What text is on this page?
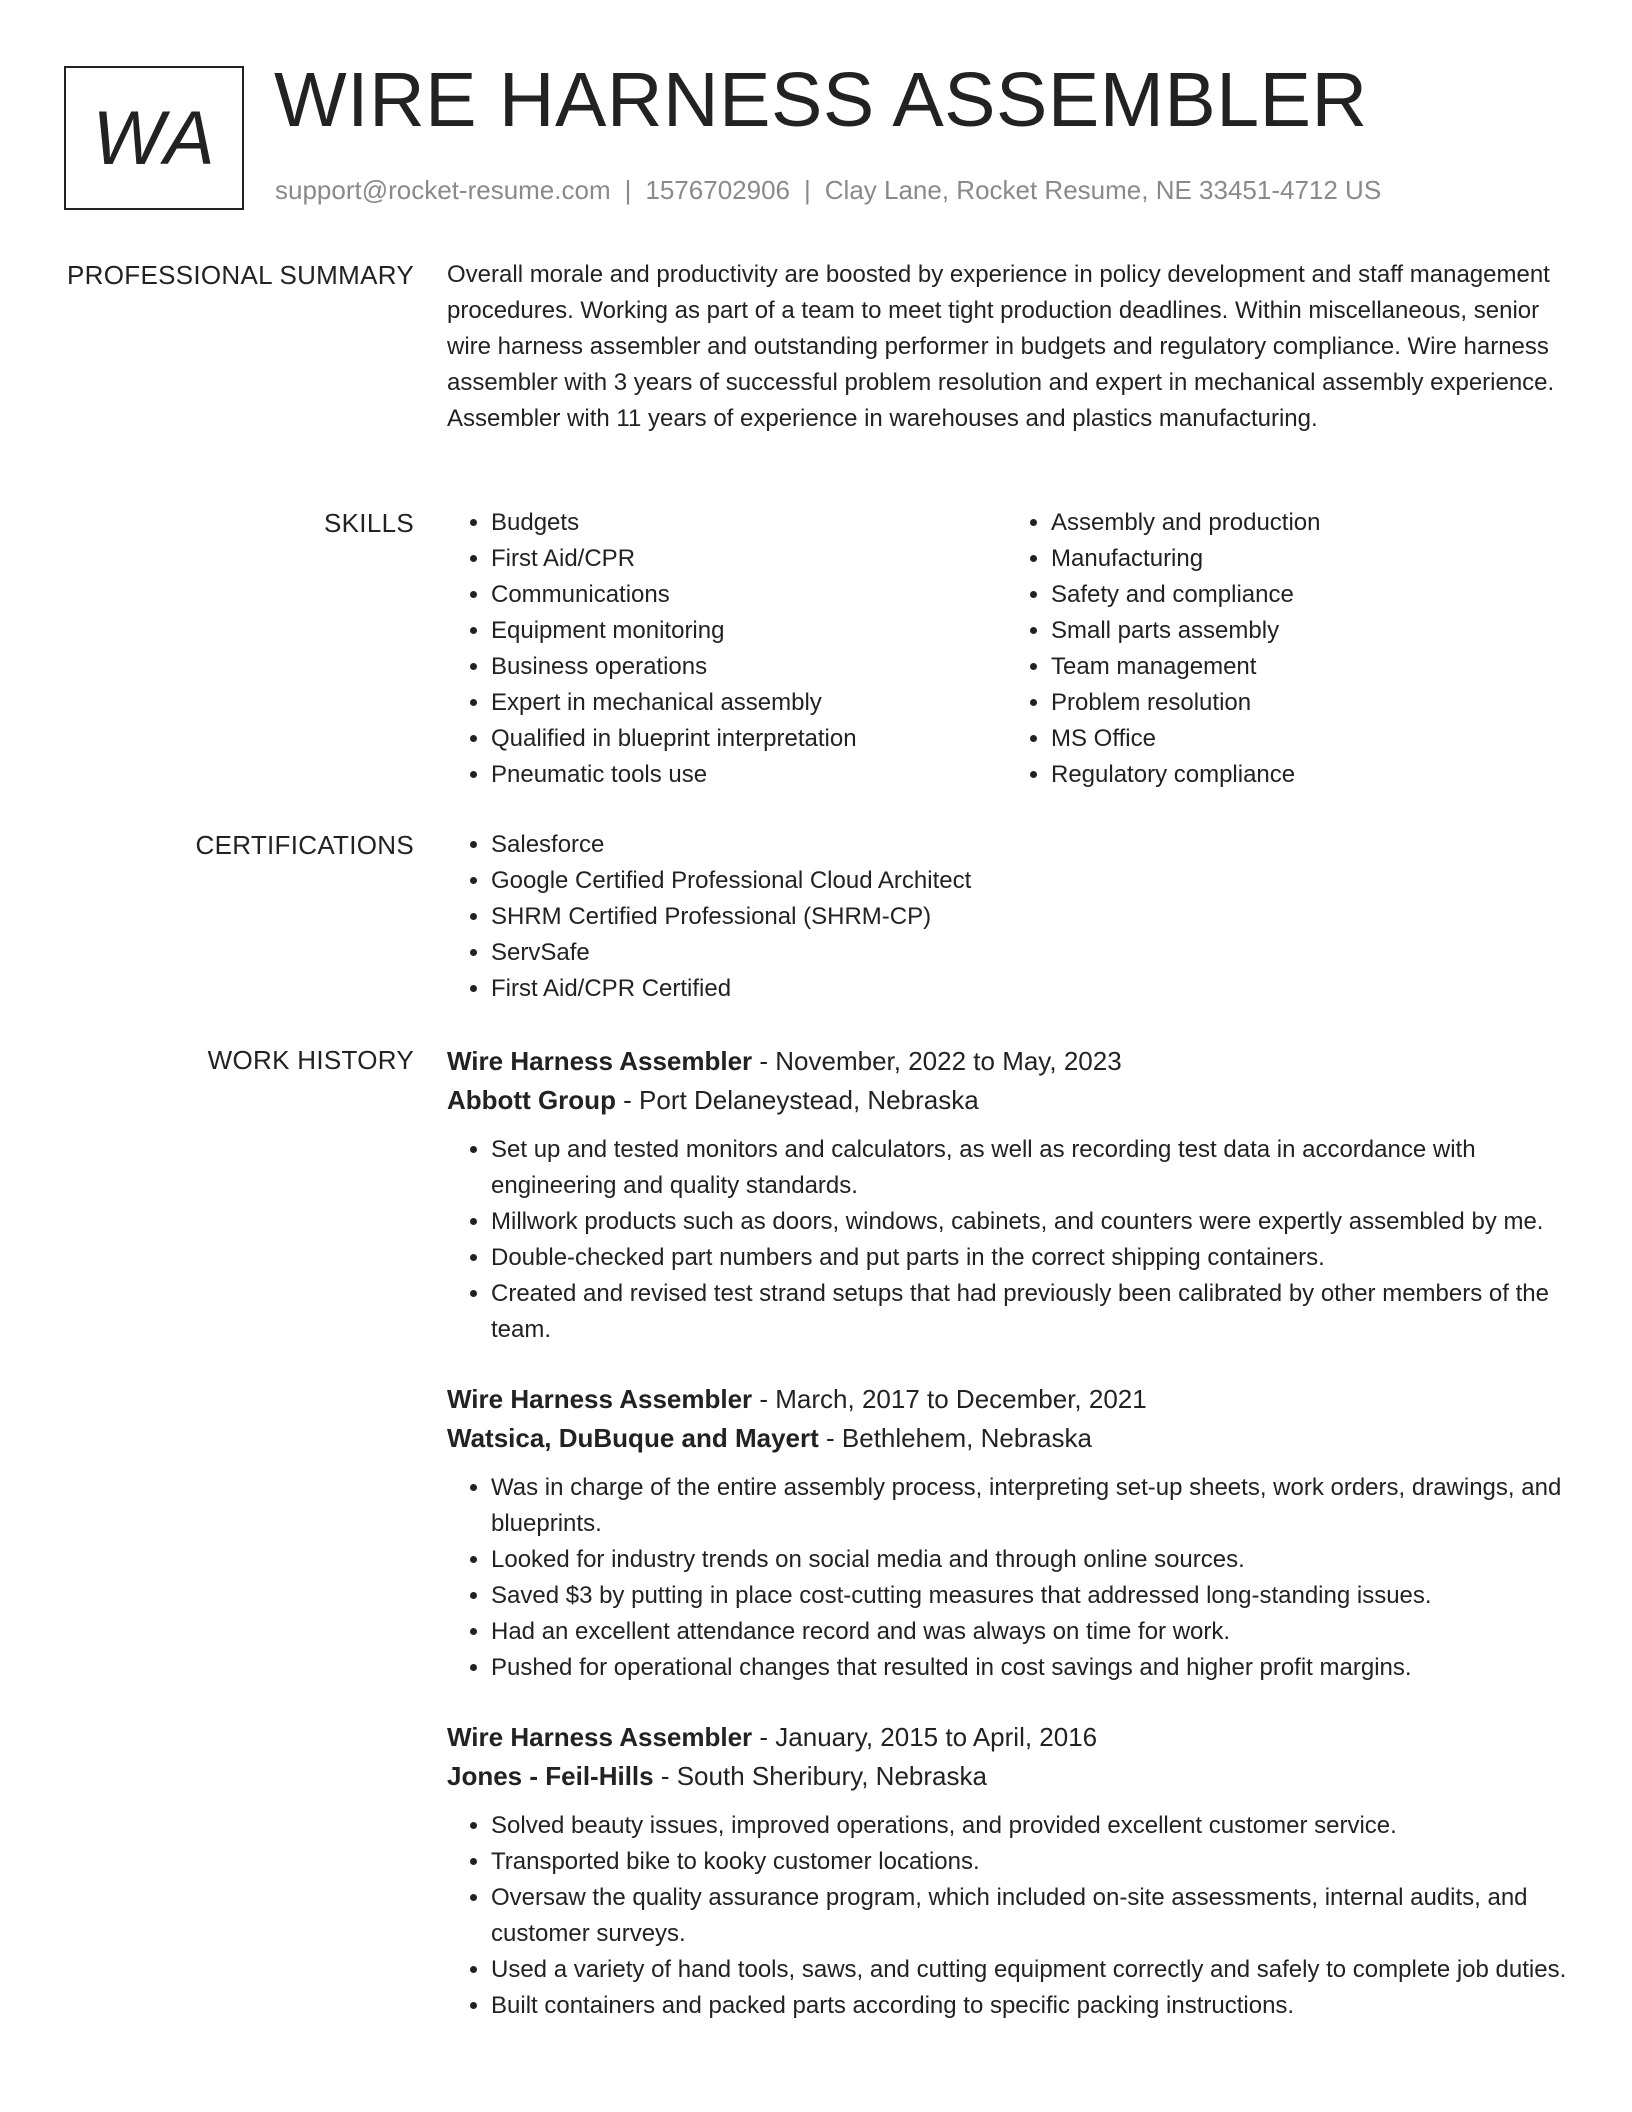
WA WIRE HARNESS ASSEMBLER
support@rocket-resume.com | 1576702906 | Clay Lane, Rocket Resume, NE 33451-4712 US
PROFESSIONAL SUMMARY Overall morale and productivity are boosted by experience in policy development and staff management procedures. Working as part of a team to meet tight production deadlines. Within miscellaneous, senior wire harness assembler and outstanding performer in budgets and regulatory compliance. Wire harness assembler with 3 years of successful problem resolution and expert in mechanical assembly experience. Assembler with 11 years of experience in warehouses and plastics manufacturing.

SKILLS	• Budgets
• First Aid/CPR
• Communications
• Equipment monitoring
• Business operations
• Expert in mechanical assembly
• Qualified in blueprint interpretation
• Pneumatic tools use
• Assembly and production
• Manufacturing
• Safety and compliance
• Small parts assembly
• Team management
• Problem resolution
• MS Office
• Regulatory compliance
CERTIFICATIONS	• Salesforce
• Google Certified Professional Cloud Architect
• SHRM Certified Professional (SHRM-CP)
• ServSafe
• First Aid/CPR Certified
WORK HISTORY Wire Harness Assembler - November, 2022 to May, 2023
Abbott Group - Port Delaneystead, Nebraska
• Set up and tested monitors and calculators, as well as recording test data in accordance with engineering and quality standards.
• Millwork products such as doors, windows, cabinets, and counters were expertly assembled by me.
• Double-checked part numbers and put parts in the correct shipping containers.
• Created and revised test strand setups that had previously been calibrated by other members of the team.
Wire Harness Assembler - March, 2017 to December, 2021
Watsica, DuBuque and Mayert - Bethlehem, Nebraska
• Was in charge of the entire assembly process, interpreting set-up sheets, work orders, drawings, and blueprints.
• Looked for industry trends on social media and through online sources.
• Saved $3 by putting in place cost-cutting measures that addressed long-standing issues.
• Had an excellent attendance record and was always on time for work.
• Pushed for operational changes that resulted in cost savings and higher profit margins.
Wire Harness Assembler - January, 2015 to April, 2016
Jones - Feil-Hills - South Sheribury, Nebraska
• Solved beauty issues, improved operations, and provided excellent customer service.
• Transported bike to kooky customer locations.
• Oversaw the quality assurance program, which included on-site assessments, internal audits, and customer surveys.
• Used a variety of hand tools, saws, and cutting equipment correctly and safely to complete job duties.
• Built containers and packed parts according to specific packing instructions.
